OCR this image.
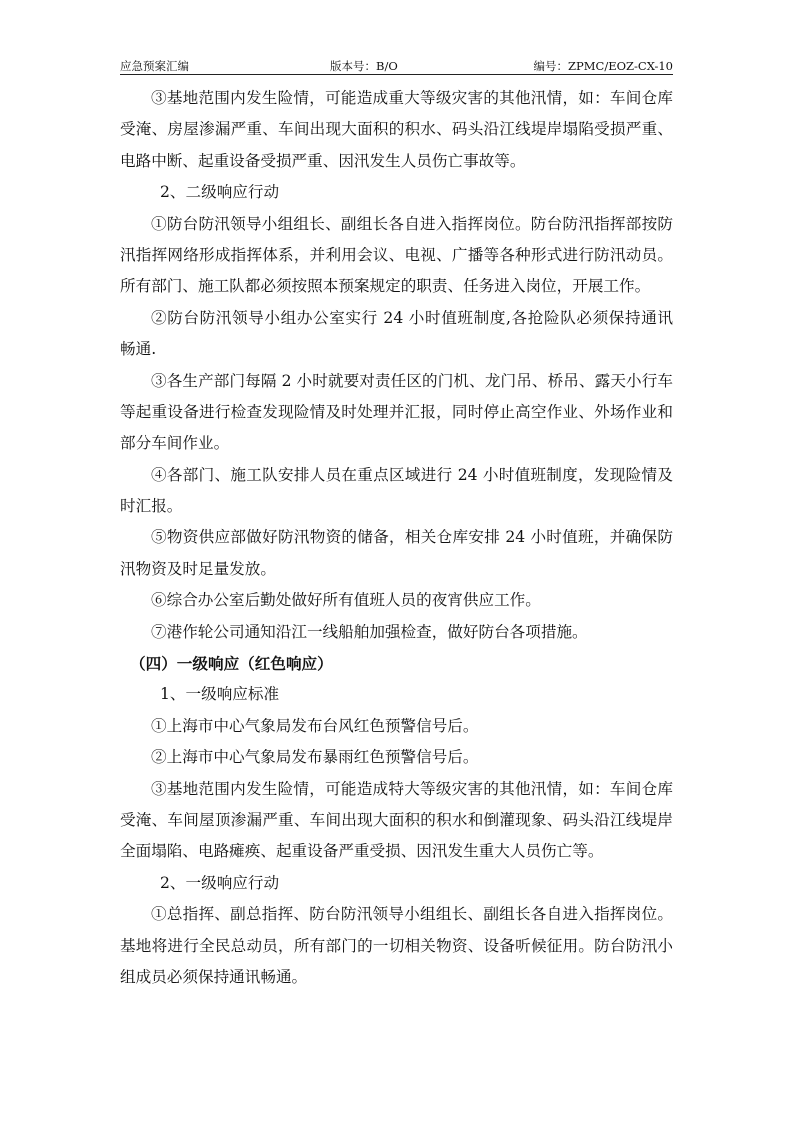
应急预案汇编	版本号：B/O	编号：ZPMC/EOZ-CX-10
③基地范围内发生险情，可能造成重大等级灾害的其他汛情，如：车间仓库
受淹、房屋渗漏严重、车间出现大面积的积水、码头沿江线堤岸塌陷受损严重、
电路中断、起重设备受损严重、因汛发生人员伤亡事故等。
2、二级响应行动
①防台防汛领导小组组长、副组长各自进入指挥岗位。防台防汛指挥部按防
汛指挥网络形成指挥体系，并利用会议、电视、广播等各种形式进行防汛动员。
所有部门、施工队都必须按照本预案规定的职责、任务进入岗位，开展工作。
②防台防汛领导小组办公室实行 24 小时值班制度,各抢险队必须保持通讯
畅通.
③各生产部门每隔 2 小时就要对责任区的门机、龙门吊、桥吊、露天小行车
等起重设备进行检查发现险情及时处理并汇报，同时停止高空作业、外场作业和
部分车间作业。
④各部门、施工队安排人员在重点区域进行 24 小时值班制度，发现险情及
时汇报。
⑤物资供应部做好防汛物资的储备，相关仓库安排 24 小时值班，并确保防
汛物资及时足量发放。
⑥综合办公室后勤处做好所有值班人员的夜宵供应工作。
⑦港作轮公司通知沿江一线船舶加强检查，做好防台各项措施。
（四）一级响应（红色响应）
1、一级响应标准
①上海市中心气象局发布台风红色预警信号后。
②上海市中心气象局发布暴雨红色预警信号后。
③基地范围内发生险情，可能造成特大等级灾害的其他汛情，如：车间仓库
受淹、车间屋顶渗漏严重、车间出现大面积的积水和倒灌现象、码头沿江线堤岸
全面塌陷、电路瘫痪、起重设备严重受损、因汛发生重大人员伤亡等。
2、一级响应行动
①总指挥、副总指挥、防台防汛领导小组组长、副组长各自进入指挥岗位。
基地将进行全民总动员，所有部门的一切相关物资、设备听候征用。防台防汛小
组成员必须保持通讯畅通。
